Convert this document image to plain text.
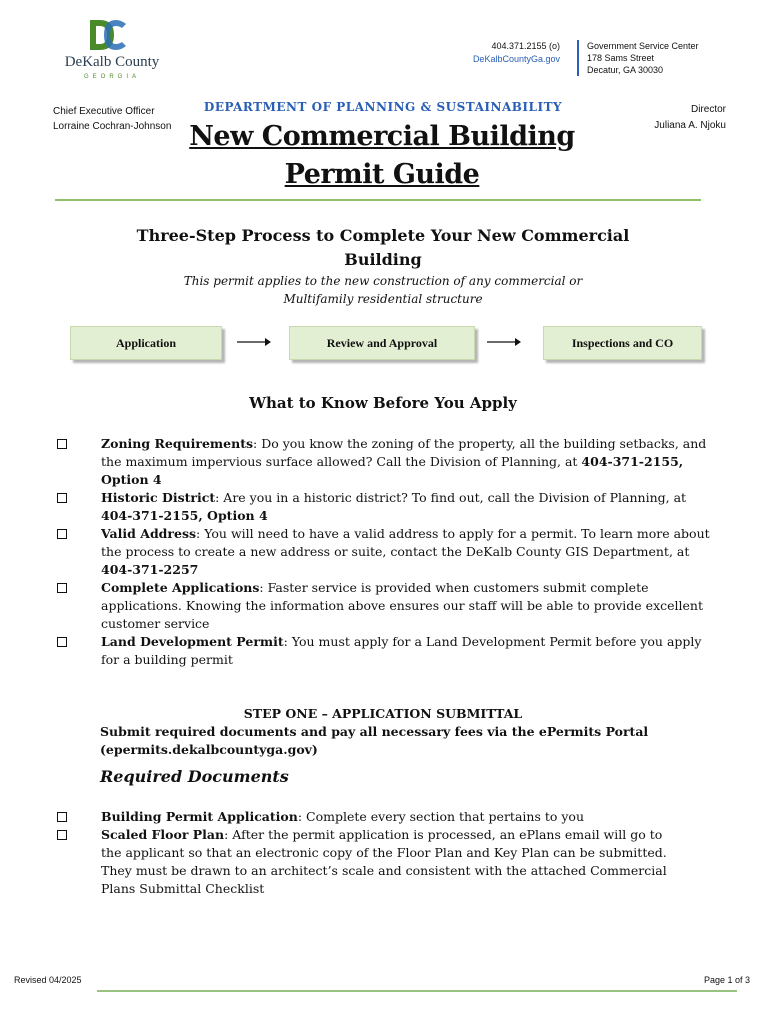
DeKalb County
GEORGIA
404.371.2155 (o)
DeKalbCountyGa.gov
Government Service Center
178 Sams Street
Decatur, GA 30030
Chief Executive Officer
Lorraine Cochran-Johnson
Director
Juliana A. Njoku
DEPARTMENT OF PLANNING & SUSTAINABILITY
New Commercial Building
Permit Guide
Three-Step Process to Complete Your New Commercial Building
This permit applies to the new construction of any commercial or
Multifamily residential structure
Application	Review and Approval	Inspections and CO
What to Know Before You Apply

Zoning Requirements: Do you know the zoning of the property, all the building setbacks, and the maximum impervious surface allowed? Call the Division of Planning, at 404-371-2155, Option 4

Historic District: Are you in a historic district? To find out, call the Division of Planning, at 404-371-2155, Option 4

Valid Address: You will need to have a valid address to apply for a permit. To learn more about the process to create a new address or suite, contact the DeKalb County GIS Department, at 404-371-2257

Complete Applications: Faster service is provided when customers submit complete applications. Knowing the information above ensures our staff will be able to provide excellent customer service

Land Development Permit: You must apply for a Land Development Permit before you apply for a building permit

STEP ONE – APPLICATION SUBMITTAL
Submit required documents and pay all necessary fees via the ePermits Portal
(epermits.dekalbcountyga.gov)
Required Documents

Building Permit Application: Complete every section that pertains to you

Scaled Floor Plan: After the permit application is processed, an ePlans email will go to the applicant so that an electronic copy of the Floor Plan and Key Plan can be submitted. They must be drawn to an architect’s scale and consistent with the attached Commercial Plans Submittal Checklist

Revised 04/2025	Page 1 of 3
